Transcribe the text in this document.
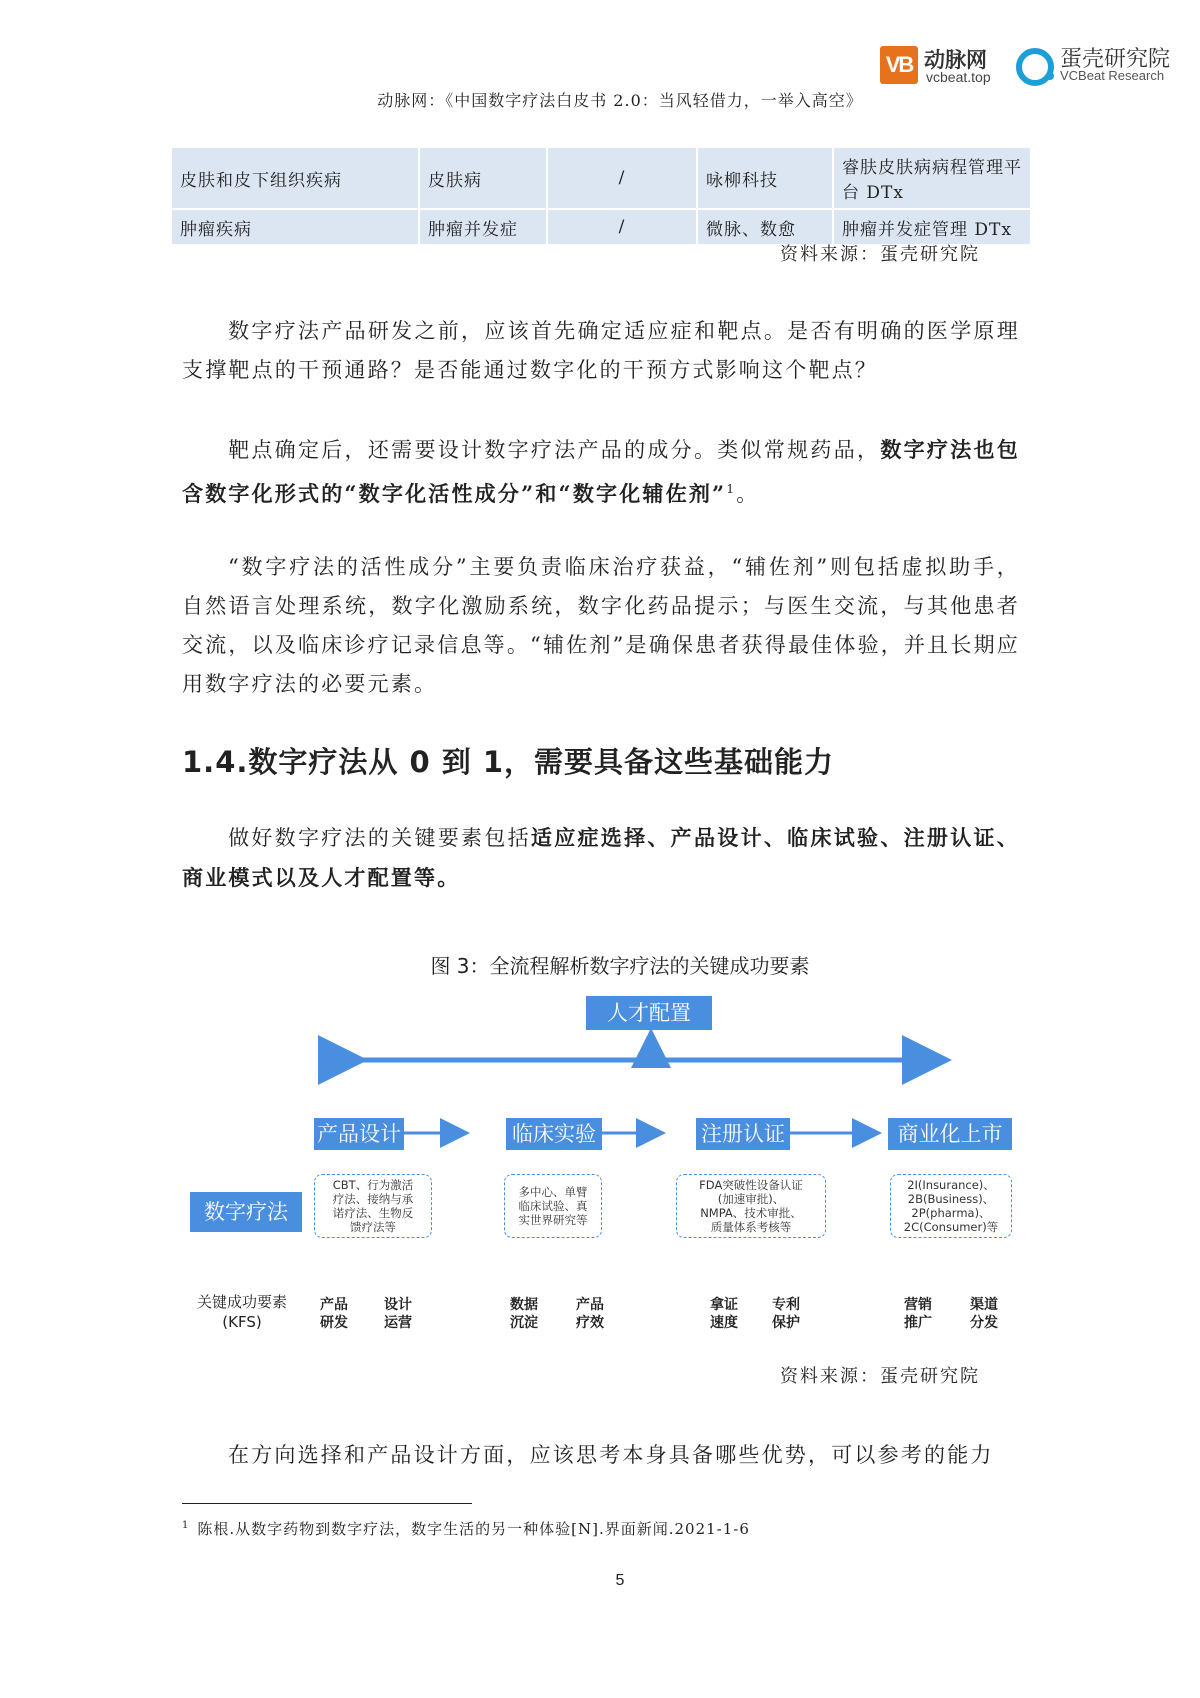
VB 动脉网
vcbeat.top
蛋壳研究院
VCBeat Research
动脉网：《中国数字疗法白皮书 2.0：当风轻借力，一举入高空》
皮肤和皮下组织疾病	皮肤病	/	咏柳科技	睿肤皮肤病病程管理平台 DTx
肿瘤疾病	肿瘤并发症	/	微脉、数愈	肿瘤并发症管理 DTx
资料来源：蛋壳研究院

数字疗法产品研发之前，应该首先确定适应症和靶点。是否有明确的医学原理支撑靶点的干预通路？是否能通过数字化的干预方式影响这个靶点？

靶点确定后，还需要设计数字疗法产品的成分。类似常规药品，数字疗法也包含数字化形式的“数字化活性成分”和“数字化辅佐剂”$^1$。

“数字疗法的活性成分”主要负责临床治疗获益，“辅佐剂”则包括虚拟助手，自然语言处理系统，数字化激励系统，数字化药品提示；与医生交流，与其他患者交流，以及临床诊疗记录信息等。“辅佐剂”是确保患者获得最佳体验，并且长期应用数字疗法的必要元素。

1.4.数字疗法从 0 到 1，需要具备这些基础能力

做好数字疗法的关键要素包括适应症选择、产品设计、临床试验、注册认证、商业模式以及人才配置等。

图 3：全流程解析数字疗法的关键成功要素
人才配置
数字疗法
产品设计	临床实验	注册认证	商业化上市
CBT、行为激活
疗法、接纳与承
诺疗法、生物反
馈疗法等
多中心、单臂
临床试验、真
实世界研究等
FDA突破性设备认证
(加速审批)、
NMPA、技术审批、
质量体系考核等
2I(Insurance)、
2B(Business)、
2P(pharma)、
2C(Consumer)等
关键成功要素
(KFS)
产品
研发
设计
运营
数据
沉淀
产品
疗效
拿证
速度
专利
保护
营销
推广
渠道
分发
资料来源：蛋壳研究院

在方向选择和产品设计方面，应该思考本身具备哪些优势，可以参考的能力

$^1$ 陈根.从数字药物到数字疗法，数字生活的另一种体验[N].界面新闻.2021-1-6
5
